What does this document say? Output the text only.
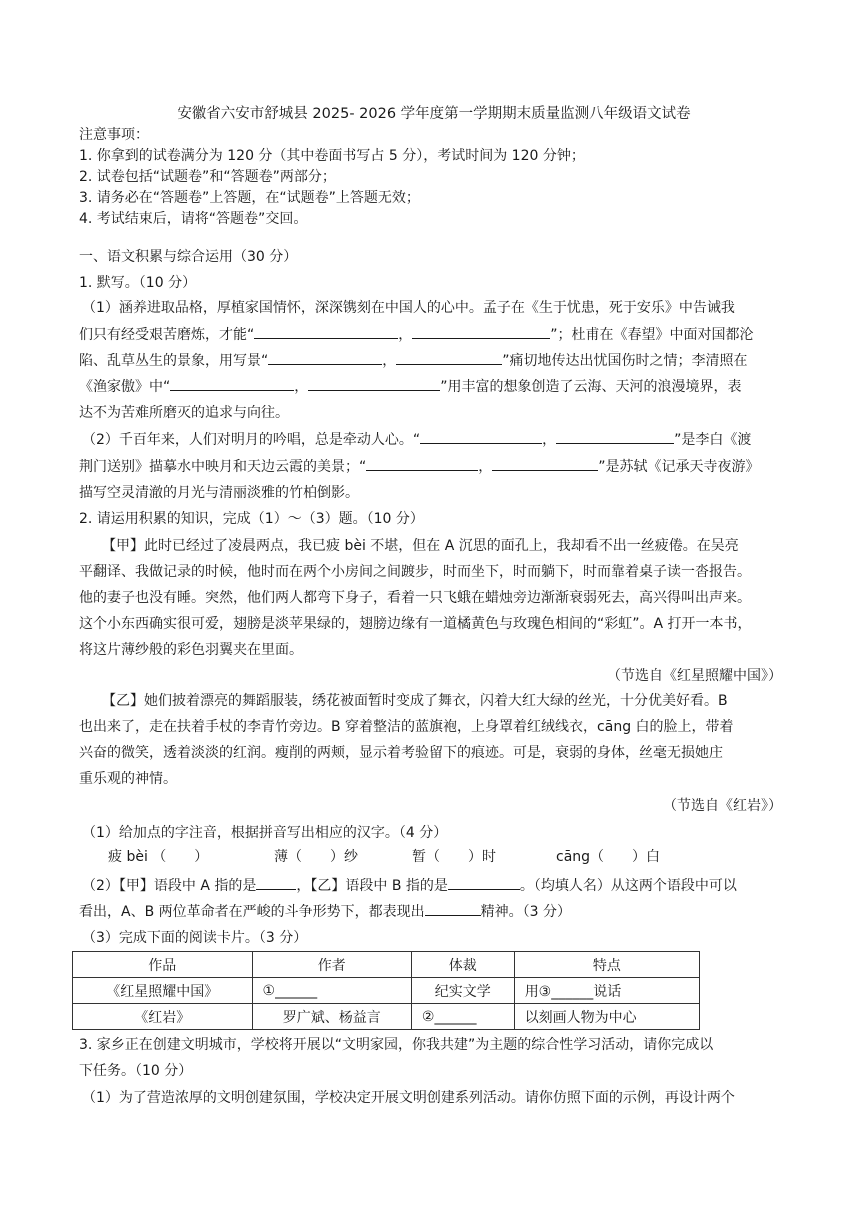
安徽省六安市舒城县 2025- 2026 学年度第一学期期末质量监测八年级语文试卷
注意事项：
1. 你拿到的试卷满分为 120 分（其中卷面书写占 5 分），考试时间为 120 分钟；
2. 试卷包括“试题卷”和“答题卷”两部分；
3. 请务必在“答题卷”上答题，在“试题卷”上答题无效；
4. 考试结束后，请将“答题卷”交回。
一、语文积累与综合运用（30 分）
1. 默写。（10 分）
（1）涵养进取品格，厚植家国情怀，深深镌刻在中国人的心中。孟子在《生于忧患，死于安乐》中告诫我
们只有经受艰苦磨炼，才能“	，	”；杜甫在《春望》中面对国都沦
陷、乱草丛生的景象，用写景“	，	”痛切地传达出忧国伤时之情；李清照在
《渔家傲》中“	，	”用丰富的想象创造了云海、天河的浪漫境界，表
达不为苦难所磨灭的追求与向往。
（2）千百年来，人们对明月的吟唱，总是牵动人心。“	，	”是李白《渡
荆门送别》描摹水中映月和天边云霞的美景；“	，	”是苏轼《记承天寺夜游》
描写空灵清澈的月光与清丽淡雅的竹柏倒影。
2. 请运用积累的知识，完成（1）～（3）题。（10 分）
【甲】此时已经过了凌晨两点，我已疲 bèi 不堪，但在 A 沉思的面孔上，我却看不出一丝疲倦。在吴亮
平翻译、我做记录的时候，他时而在两个小房间之间踱步，时而坐下，时而躺下，时而靠着桌子读一沓报告。
他的妻子也没有睡。突然，他们两人都弯下身子，看着一只飞蛾在蜡烛旁边渐渐衰弱死去，高兴得叫出声来。
这个小东西确实很可爱，翅膀是淡苹果绿的，翅膀边缘有一道橘黄色与玫瑰色相间的“彩虹”。A 打开一本书，
将这片薄纱般的彩色羽翼夹在里面。
（节选自《红星照耀中国》）
【乙】她们披着漂亮的舞蹈服装，绣花被面暂时变成了舞衣，闪着大红大绿的丝光，十分优美好看。B
也出来了，走在扶着手杖的李青竹旁边。B 穿着整洁的蓝旗袍，上身罩着红绒线衣，cāng 白的脸上，带着
兴奋的微笑，透着淡淡的红润。瘦削的两颊，显示着考验留下的痕迹。可是，衰弱的身体，丝毫无损她庄
重乐观的神情。
（节选自《红岩》）
（1）给加点的字注音，根据拼音写出相应的汉字。（4 分）
疲 bèi （　　）	薄（　　）纱	暂（　　）时	cāng（　　）白
（2）【甲】语段中 A 指的是	，【乙】语段中 B 指的是	。（均填人名）从这两个语段中可以
看出，A、B 两位革命者在严峻的斗争形势下，都表现出	精神。（3 分）
（3）完成下面的阅读卡片。（3 分）
作品	作者	体裁	特点
《红星照耀中国》	①______	纪实文学	用③______说话
《红岩》	罗广斌、杨益言	②______	以刻画人物为中心
3. 家乡正在创建文明城市，学校将开展以“文明家园，你我共建”为主题的综合性学习活动，请你完成以
下任务。（10 分）
（1）为了营造浓厚的文明创建氛围，学校决定开展文明创建系列活动。请你仿照下面的示例，再设计两个
